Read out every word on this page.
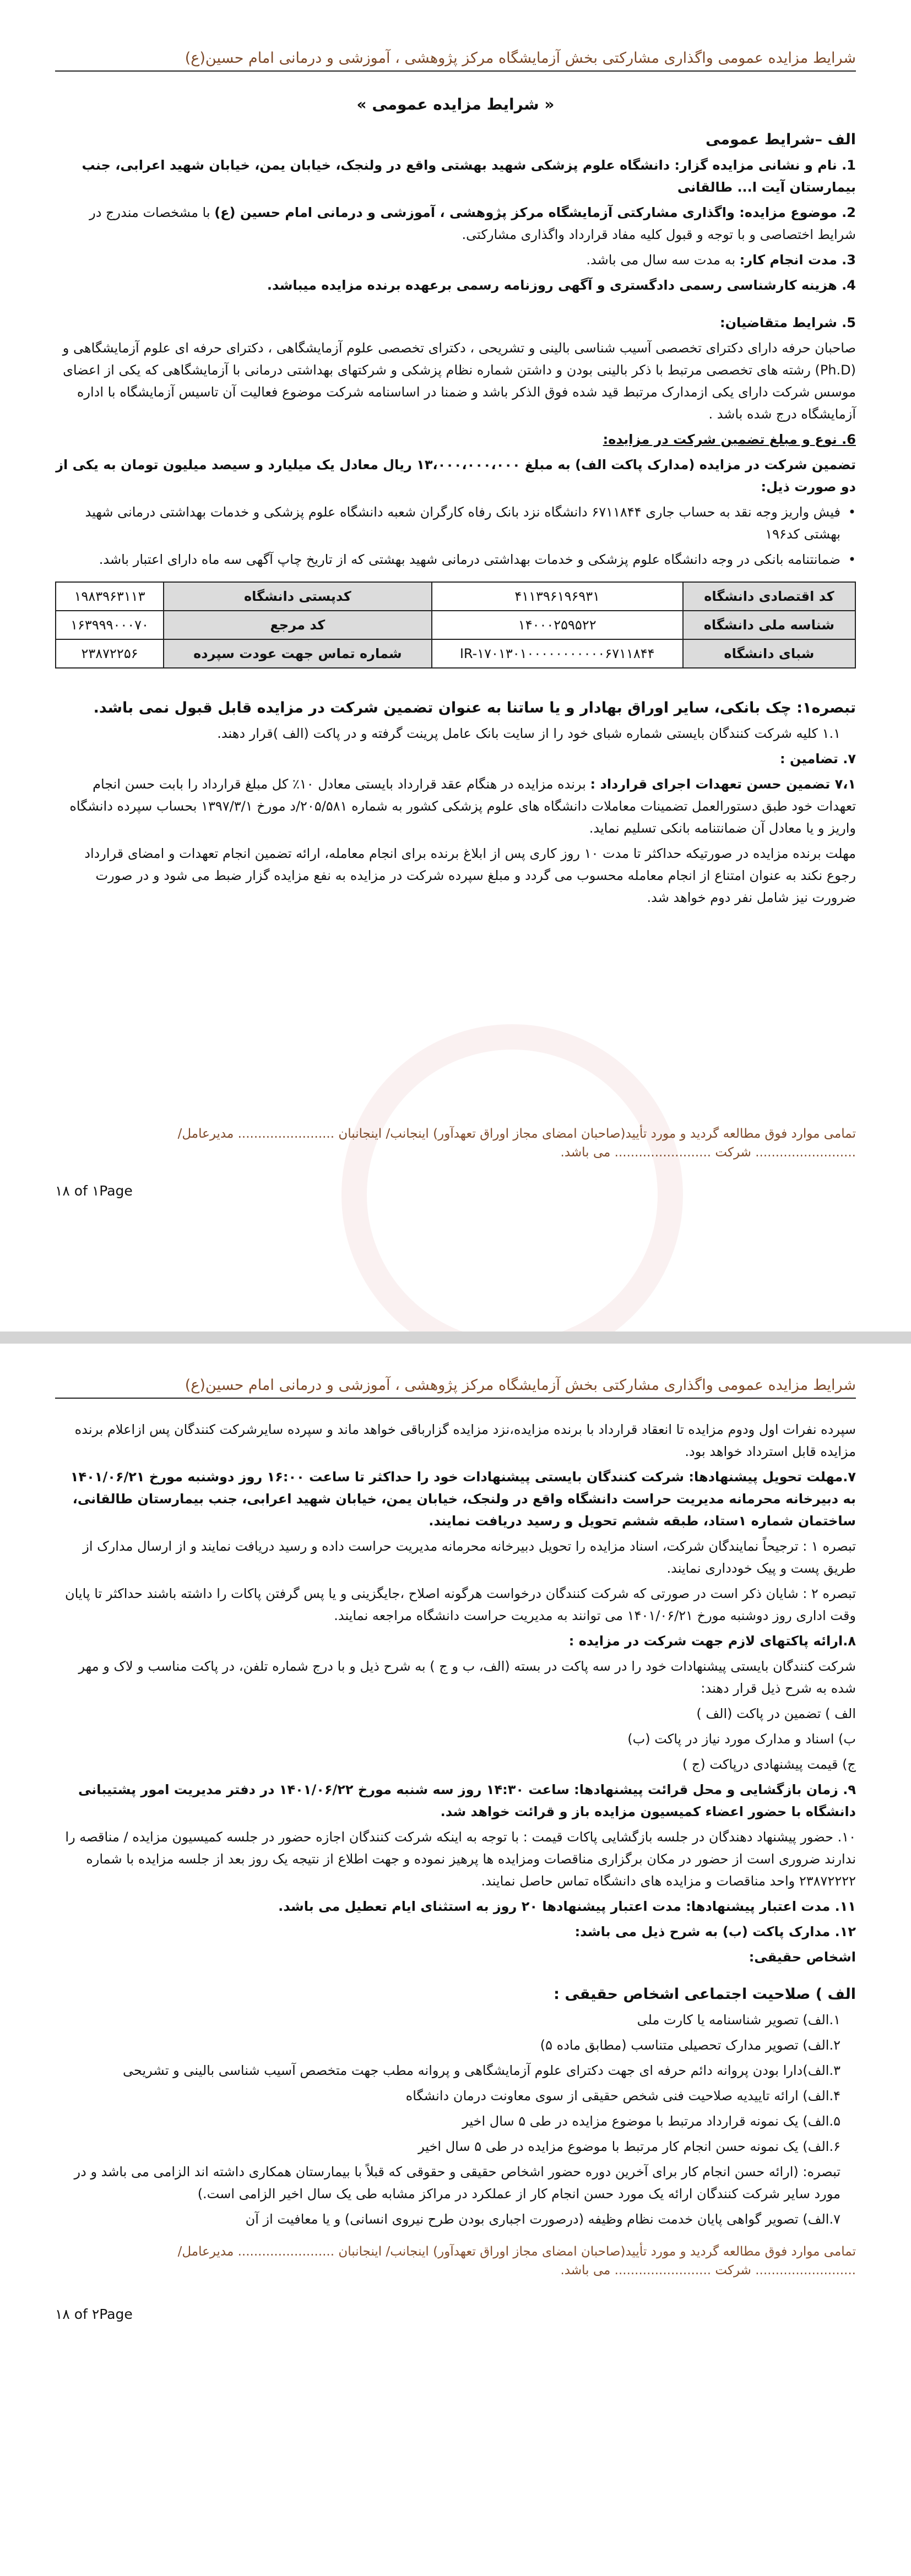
شرایط مزایده عمومی واگذاری مشارکتی بخش آزمایشگاه مرکز پژوهشی ، آموزشی و درمانی امام حسین(ع)
« شرایط مزایده عمومی »

الف –شرایط عمومی

1. نام و نشانی مزایده گزار: دانشگاه علوم پزشکی شهید بهشتی واقع در ولنجک، خیابان یمن، خیابان شهید اعرابی، جنب بیمارستان آیت ا... طالقانی

2. موضوع مزایده: واگذاری مشارکتی آزمایشگاه مرکز پژوهشی ، آموزشی و درمانی امام حسین (ع) با مشخصات مندرج در شرایط اختصاصی و با توجه و قبول کلیه مفاد قرارداد واگذاری مشارکتی.

3. مدت انجام کار: به مدت سه سال می باشد.

4. هزینه کارشناسی رسمی دادگستری و آگهی روزنامه رسمی برعهده برنده مزایده میباشد.

5. شرایط متقاضیان:

صاحبان حرفه دارای دکترای تخصصی آسیب شناسی بالینی و تشریحی ، دکترای تخصصی علوم آزمایشگاهی ، دکترای حرفه ای علوم آزمایشگاهی و (Ph.D) رشته های تخصصی مرتبط با ذکر بالینی بودن و داشتن شماره نظام پزشکی و شرکتهای بهداشتی درمانی با آزمایشگاهی که یکی از اعضای موسس شرکت دارای یکی ازمدارک مرتبط قید شده فوق الذکر باشد و ضمنا در اساسنامه شرکت موضوع فعالیت آن تاسیس آزمایشگاه با اداره آزمایشگاه درج شده باشد .

6. نوع و مبلغ تضمین شرکت در مزایده:

تضمین شرکت در مزایده (مدارک پاکت الف) به مبلغ ۱۳،۰۰۰،۰۰۰،۰۰۰ ریال معادل یک میلیارد و سیصد میلیون تومان به یکی از دو صورت ذیل:

• فیش واریز وجه نقد به حساب جاری ۶۷۱۱۸۴۴ دانشگاه نزد بانک رفاه کارگران شعبه دانشگاه علوم پزشکی و خدمات بهداشتی درمانی شهید بهشتی کد۱۹۶

• ضمانتنامه بانکی در وجه دانشگاه علوم پزشکی و خدمات بهداشتی درمانی شهید بهشتی که از تاریخ چاپ آگهی سه ماه دارای اعتبار باشد.

کد اقتصادی دانشگاه	۴۱۱۳۹۶۱۹۶۹۳۱	کدپستی دانشگاه	۱۹۸۳۹۶۳۱۱۳
شناسه ملی دانشگاه	۱۴۰۰۰۲۵۹۵۲۲	کد مرجع	۱۶۳۹۹۹۰۰۰۷۰
شبای دانشگاه	IR-۱۷۰۱۳۰۱۰۰۰۰۰۰۰۰۰۰۰۶۷۱۱۸۴۴	شماره تماس جهت عودت سپرده	۲۳۸۷۲۲۵۶

تبصره۱: چک بانکی، سایر اوراق بهادار و یا ساتنا به عنوان تضمین شرکت در مزایده قابل قبول نمی باشد.

۱.۱ کلیه شرکت کنندگان بایستی شماره شبای خود را از سایت بانک عامل پرینت گرفته و در پاکت (الف )قرار دهند.

۷. تضامین :

۷،۱ تضمین حسن تعهدات اجرای قرارداد : برنده مزایده در هنگام عقد قرارداد بایستی معادل ۱۰٪ کل مبلغ قرارداد را بابت حسن انجام تعهدات خود طبق دستورالعمل تضمینات معاملات دانشگاه های علوم پزشکی کشور به شماره ۲۰۵/۵۸۱/د مورخ ۱۳۹۷/۳/۱ بحساب سپرده دانشگاه واریز و یا معادل آن ضمانتنامه بانکی تسلیم نماید.

مهلت برنده مزایده در صورتیکه حداکثر تا مدت ۱۰ روز کاری پس از ابلاغ برنده برای انجام معامله، ارائه تضمین انجام تعهدات و امضای قرارداد رجوع نکند به عنوان امتناع از انجام معامله محسوب می گردد و مبلغ سپرده شرکت در مزایده به نفع مزایده گزار ضبط می شود و در صورت ضرورت نیز شامل نفر دوم خواهد شد.

تمامی موارد فوق مطالعه گردید و مورد تأیید(صاحبان امضای مجاز اوراق تعهدآور) اینجانب/ اینجانبان ........................ مدیرعامل/
......................... شرکت ........................ می باشد.
۱۸ of ۱Page
شرایط مزایده عمومی واگذاری مشارکتی بخش آزمایشگاه مرکز پژوهشی ، آموزشی و درمانی امام حسین(ع)

سپرده نفرات اول ودوم مزایده تا انعقاد قرارداد با برنده مزایده،نزد مزایده گزارباقی خواهد ماند و سپرده سایرشرکت کنندگان پس ازاعلام برنده مزایده قابل استرداد خواهد بود.

۷.مهلت تحویل پیشنهادها: شرکت کنندگان بایستی پیشنهادات خود را حداکثر تا ساعت ۱۶:۰۰ روز دوشنبه مورخ ۱۴۰۱/۰۶/۲۱ به دبیرخانه محرمانه مدیریت حراست دانشگاه واقع در ولنجک، خیابان یمن، خیابان شهید اعرابی، جنب بیمارستان طالقانی، ساختمان شماره ۱ستاد، طبقه ششم تحویل و رسید دریافت نمایند.

تبصره ۱ : ترجیحاً نمایندگان شرکت، اسناد مزایده را تحویل دبیرخانه محرمانه مدیریت حراست داده و رسید دریافت نمایند و از ارسال مدارک از طریق پست و پیک خودداری نمایند.

تبصره ۲ : شایان ذکر است در صورتی که شرکت کنندگان درخواست هرگونه اصلاح ،جایگزینی و یا پس گرفتن پاکات را داشته باشند حداکثر تا پایان وقت اداری روز دوشنبه مورخ ۱۴۰۱/۰۶/۲۱ می توانند به مدیریت حراست دانشگاه مراجعه نمایند.

۸.ارائه پاکتهای لازم جهت شرکت در مزایده :

شرکت کنندگان بایستی پیشنهادات خود را در سه پاکت در بسته (الف، ب و ج ) به شرح ذیل و با درج شماره تلفن، در پاکت مناسب و لاک و مهر شده به شرح ذیل قرار دهند:

الف ) تضمین در پاکت (الف )

ب) اسناد و مدارک مورد نیاز در پاکت (ب)

ج) قیمت پیشنهادی درپاکت (ج )

۹. زمان بازگشایی و محل قرائت پیشنهادها: ساعت ۱۴:۳۰ روز سه شنبه مورخ ۱۴۰۱/۰۶/۲۲ در دفتر مدیریت امور پشتیبانی دانشگاه با حضور اعضاء کمیسیون مزایده باز و قرائت خواهد شد.

۱۰. حضور پیشنهاد دهندگان در جلسه بازگشایی پاکات قیمت : با توجه به اینکه شرکت کنندگان اجازه حضور در جلسه کمیسیون مزایده / مناقصه را ندارند ضروری است از حضور در مکان برگزاری مناقصات ومزایده ها پرهیز نموده و جهت اطلاع از نتیجه یک روز بعد از جلسه مزایده با شماره ۲۳۸۷۲۲۲۲ واحد مناقصات و مزایده های دانشگاه تماس حاصل نمایند.

۱۱. مدت اعتبار پیشنهادها: مدت اعتبار پیشنهادها ۲۰ روز به استثنای ایام تعطیل می باشد.

۱۲. مدارک پاکت (ب) به شرح ذیل می باشد:

اشخاص حقیقی:

الف ) صلاحیت اجتماعی اشخاص حقیقی :

۱.الف) تصویر شناسنامه یا کارت ملی

۲.الف) تصویر مدارک تحصیلی متناسب (مطابق ماده ۵)

۳.الف)دارا بودن پروانه دائم حرفه ای جهت دکترای علوم آزمایشگاهی و پروانه مطب جهت متخصص آسیب شناسی بالینی و تشریحی

۴.الف) ارائه تاییدیه صلاحیت فنی شخص حقیقی از سوی معاونت درمان دانشگاه

۵.الف) یک نمونه قرارداد مرتبط با موضوع مزایده در طی ۵ سال اخیر

۶.الف) یک نمونه حسن انجام کار مرتبط با موضوع مزایده در طی ۵ سال اخیر

تبصره: (ارائه حسن انجام کار برای آخرین دوره حضور اشخاص حقیقی و حقوقی که قبلاً با بیمارستان همکاری داشته اند الزامی می باشد و در مورد سایر شرکت کنندگان ارائه یک مورد حسن انجام کار از عملکرد در مراکز مشابه طی یک سال اخیر الزامی است.)

۷.الف) تصویر گواهی پایان خدمت نظام وظیفه (درصورت اجباری بودن طرح نیروی انسانی) و یا معافیت از آن

تمامی موارد فوق مطالعه گردید و مورد تأیید(صاحبان امضای مجاز اوراق تعهدآور) اینجانب/ اینجانبان ........................ مدیرعامل/
......................... شرکت ........................ می باشد.
۱۸ of ۲Page
